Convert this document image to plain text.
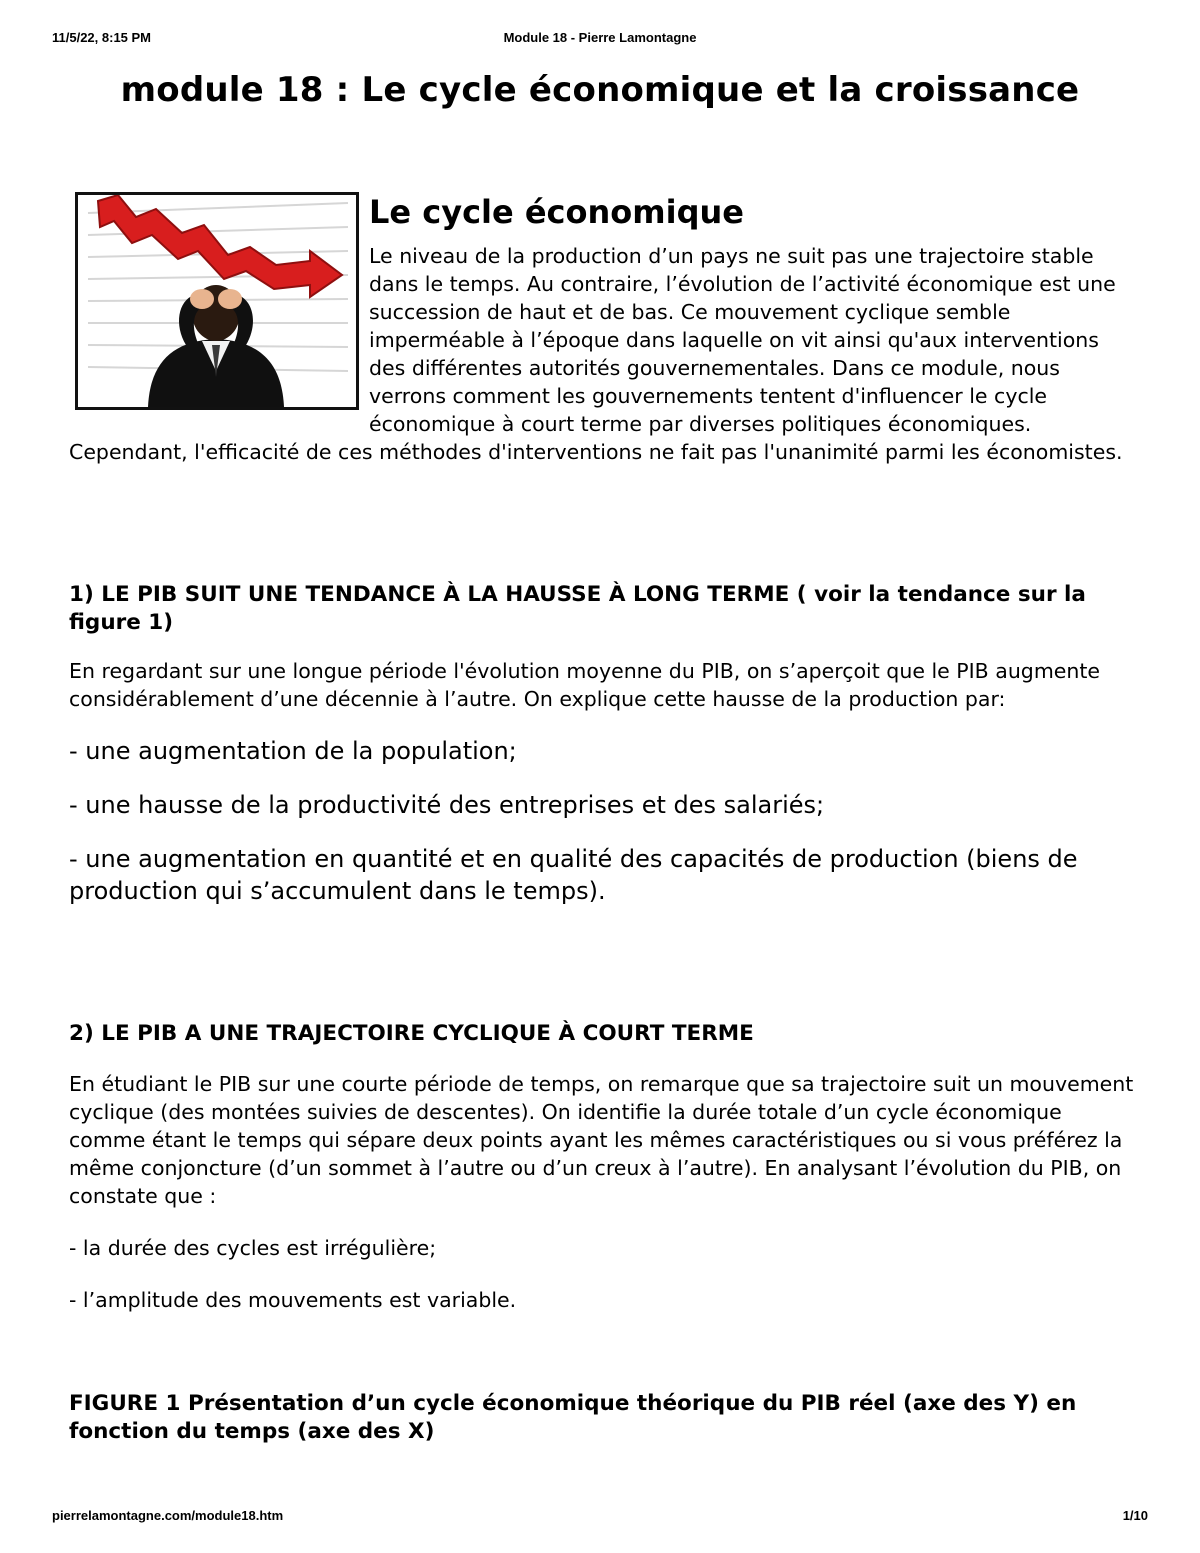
11/5/22, 8:15 PM	Module 18 - Pierre Lamontagne
module 18 : Le cycle économique et la croissance
Le cycle économique

Le niveau de la production d’un pays ne suit pas une trajectoire stable dans le temps. Au contraire, l’évolution de l’activité économique est une succession de haut et de bas. Ce mouvement cyclique semble imperméable à l’époque dans laquelle on vit ainsi qu'aux interventions des différentes autorités gouvernementales. Dans ce module, nous verrons comment les gouvernements tentent d'influencer le cycle économique à court terme par diverses politiques économiques. Cependant, l'efficacité de ces méthodes d'interventions ne fait pas l'unanimité parmi les économistes.

1) LE PIB SUIT UNE TENDANCE À LA HAUSSE À LONG TERME ( voir la tendance sur la figure 1)

En regardant sur une longue période l'évolution moyenne du PIB, on s’aperçoit que le PIB augmente considérablement d’une décennie à l’autre. On explique cette hausse de la production par:

- une augmentation de la population;

- une hausse de la productivité des entreprises et des salariés;

- une augmentation en quantité et en qualité des capacités de production (biens de production qui s’accumulent dans le temps).

2) LE PIB A UNE TRAJECTOIRE CYCLIQUE À COURT TERME

En étudiant le PIB sur une courte période de temps, on remarque que sa trajectoire suit un mouvement cyclique (des montées suivies de descentes). On identifie la durée totale d’un cycle économique comme étant le temps qui sépare deux points ayant les mêmes caractéristiques ou si vous préférez la même conjoncture (d’un sommet à l’autre ou d’un creux à l’autre). En analysant l’évolution du PIB, on constate que :

- la durée des cycles est irrégulière;

- l’amplitude des mouvements est variable.

FIGURE 1 Présentation d’un cycle économique théorique du PIB réel (axe des Y) en fonction du temps (axe des X)

pierrelamontagne.com/module18.htm	1/10
